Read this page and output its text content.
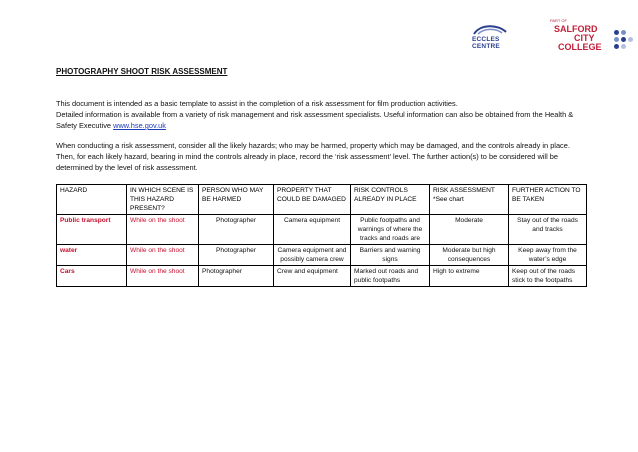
ECCLES
CENTRE
PART OF
SALFORD
CITY
COLLEGE
PHOTOGRAPHY SHOOT RISK ASSESSMENT

This document is intended as a basic template to assist in the completion of a risk assessment for film production activities.
Detailed information is available from a variety of risk management and risk assessment specialists. Useful information can also be obtained from the Health & Safety Executive www.hse.gov.uk

When conducting a risk assessment, consider all the likely hazards; who may be harmed, property which may be damaged, and the controls already in place. Then, for each likely hazard, bearing in mind the controls already in place, record the ‘risk assessment’ level. The further action(s) to be considered will be determined by the level of risk assessment.

HAZARD	IN WHICH SCENE IS THIS HAZARD PRESENT?	PERSON WHO MAY BE HARMED	PROPERTY THAT COULD BE DAMAGED	RISK CONTROLS ALREADY IN PLACE	RISK ASSESSMENT *See chart	FURTHER ACTION TO BE TAKEN
Public transport	While on the shoot	Photographer	Camera equipment	Public footpaths and warnings of where the tracks and roads are	Moderate	Stay out of the roads and tracks
water	While on the shoot	Photographer	Camera equipment and possibly camera crew	Barriers and warning signs	Moderate but high consequences	Keep away from the water’s edge
Cars	While on the shoot	Photographer	Crew and equipment	Marked out roads and public footpaths	High to extreme	Keep out of the roads stick to the footpaths
